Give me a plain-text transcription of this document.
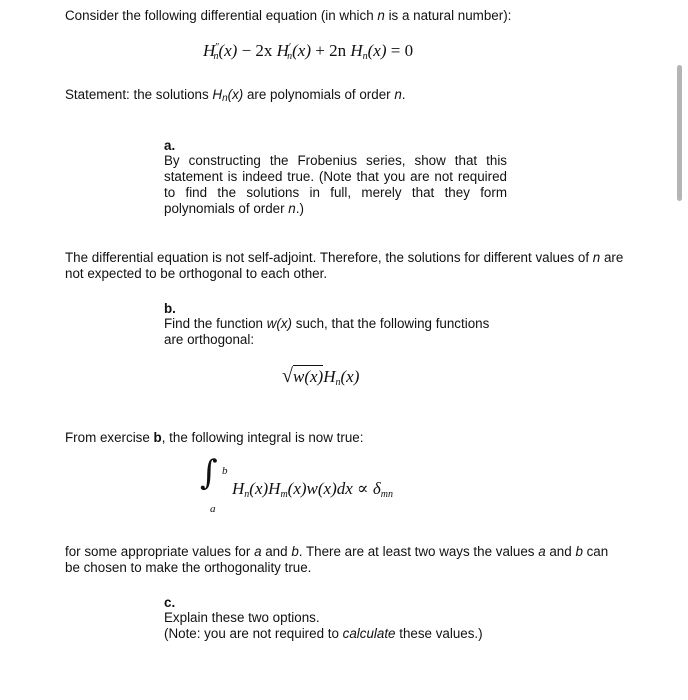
Consider the following differential equation (in which n is a natural number):

$H''_n(x) - 2x$ $H'_n(x) + 2n$ $H_n(x) = 0$

Statement: the solutions Hn(x) are polynomials of order n.

a.

By constructing the Frobenius series, show that this statement is indeed true. (Note that you are not required to find the solutions in full, merely that they form polynomials of order n.)

The differential equation is not self-adjoint. Therefore, the solutions for different values of n are not expected to be orthogonal to each other.

b.

Find the function w(x) such, that the following functions are orthogonal:

$√w(x)H_n(x)$

From exercise b, the following integral is now true:

∫ b
a
$H_n(x)H_m(x)w(x)dx \propto \delta_{mn}$

for some appropriate values for a and b. There are at least two ways the values a and b can be chosen to make the orthogonality true.

c.

Explain these two options.

(Note: you are not required to calculate these values.)
